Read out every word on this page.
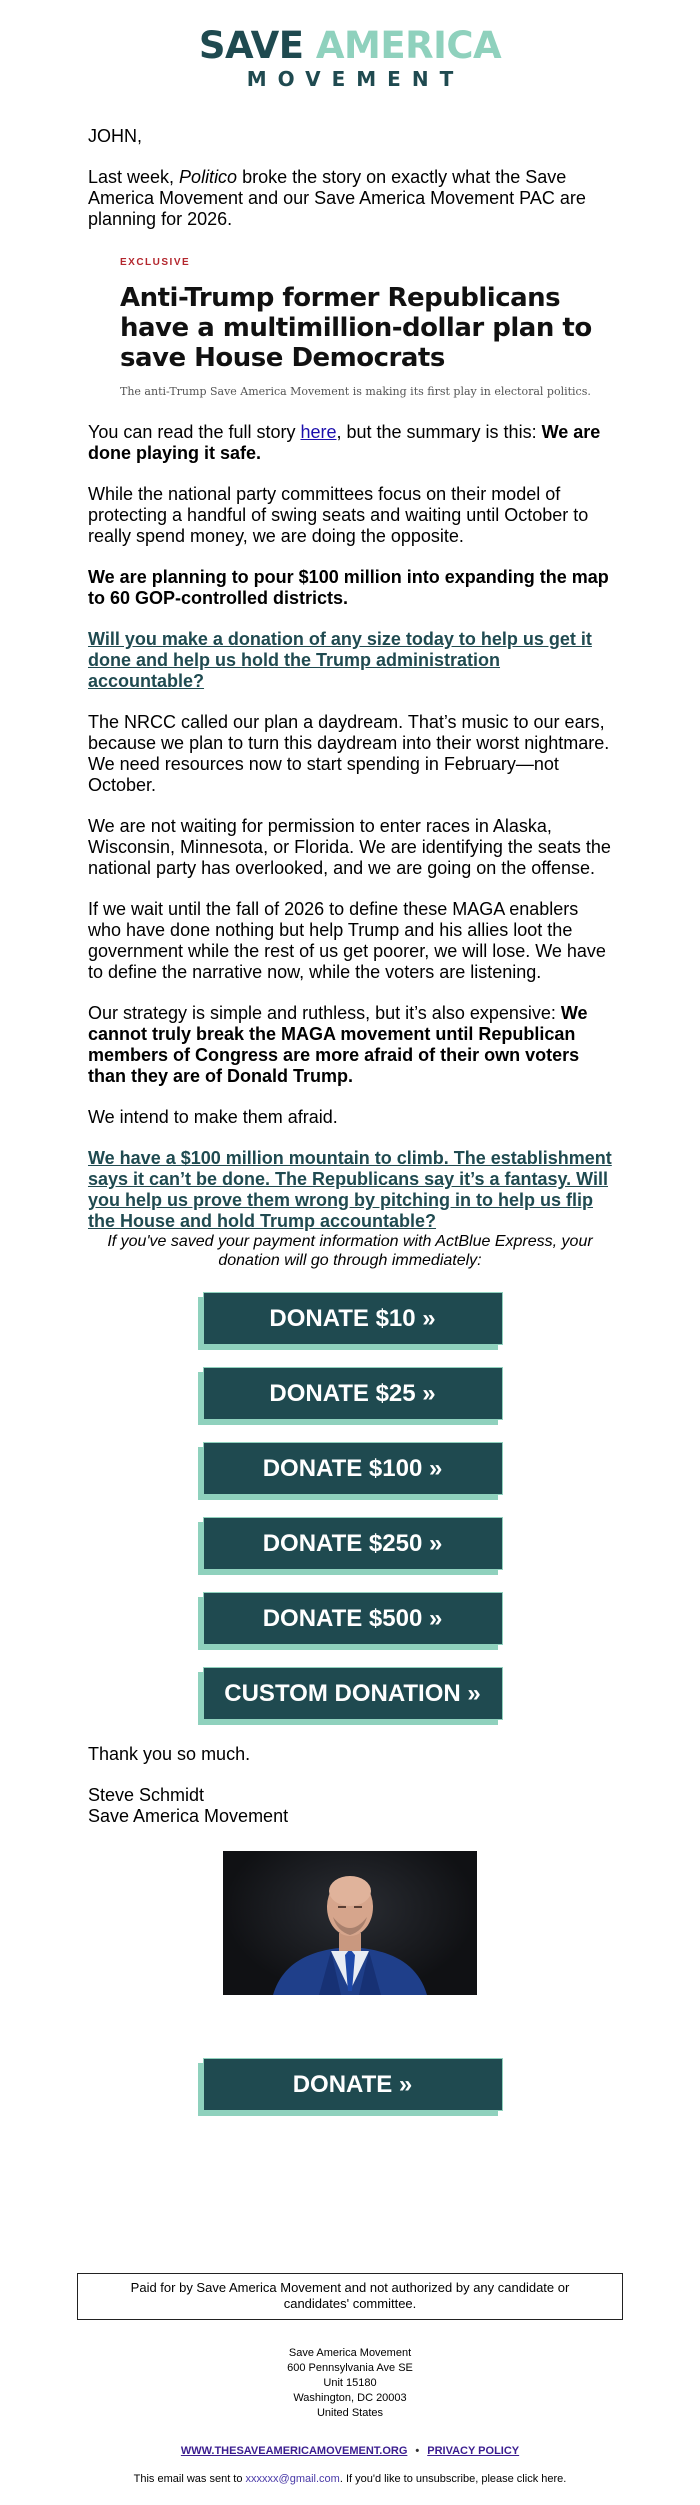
SAVE AMERICA
MOVEMENT

JOHN,

Last week, Politico broke the story on exactly what the Save America Movement and our Save America Movement PAC are planning for 2026.

EXCLUSIVE
Anti-Trump former Republicans have a multimillion-dollar plan to save House Democrats
The anti-Trump Save America Movement is making its first play in electoral politics.

You can read the full story here, but the summary is this: We are done playing it safe.

While the national party committees focus on their model of protecting a handful of swing seats and waiting until October to really spend money, we are doing the opposite.

We are planning to pour $100 million into expanding the map to 60 GOP-controlled districts.

Will you make a donation of any size today to help us get it done and help us hold the Trump administration accountable?

The NRCC called our plan a daydream. That’s music to our ears, because we plan to turn this daydream into their worst nightmare. We need resources now to start spending in February—not October.

We are not waiting for permission to enter races in Alaska, Wisconsin, Minnesota, or Florida. We are identifying the seats the national party has overlooked, and we are going on the offense.

If we wait until the fall of 2026 to define these MAGA enablers who have done nothing but help Trump and his allies loot the government while the rest of us get poorer, we will lose. We have to define the narrative now, while the voters are listening.

Our strategy is simple and ruthless, but it’s also expensive: We cannot truly break the MAGA movement until Republican members of Congress are more afraid of their own voters than they are of Donald Trump.

We intend to make them afraid.

We have a $100 million mountain to climb. The establishment says it can’t be done. The Republicans say it’s a fantasy. Will you help us prove them wrong by pitching in to help us flip the House and hold Trump accountable?

If you've saved your payment information with ActBlue Express, your donation will go through immediately:

DONATE $10 »
DONATE $25 »
DONATE $100 »
DONATE $250 »
DONATE $500 »
CUSTOM DONATION »

Thank you so much.

Steve Schmidt
Save America Movement

DONATE »
Paid for by Save America Movement and not authorized by any candidate or candidates' committee.
Save America Movement
600 Pennsylvania Ave SE
Unit 15180
Washington, DC 20003
United States
WWW.THESAVEAMERICAMOVEMENT.ORG • PRIVACY POLICY
This email was sent to xxxxxx@gmail.com. If you'd like to unsubscribe, please click here.
